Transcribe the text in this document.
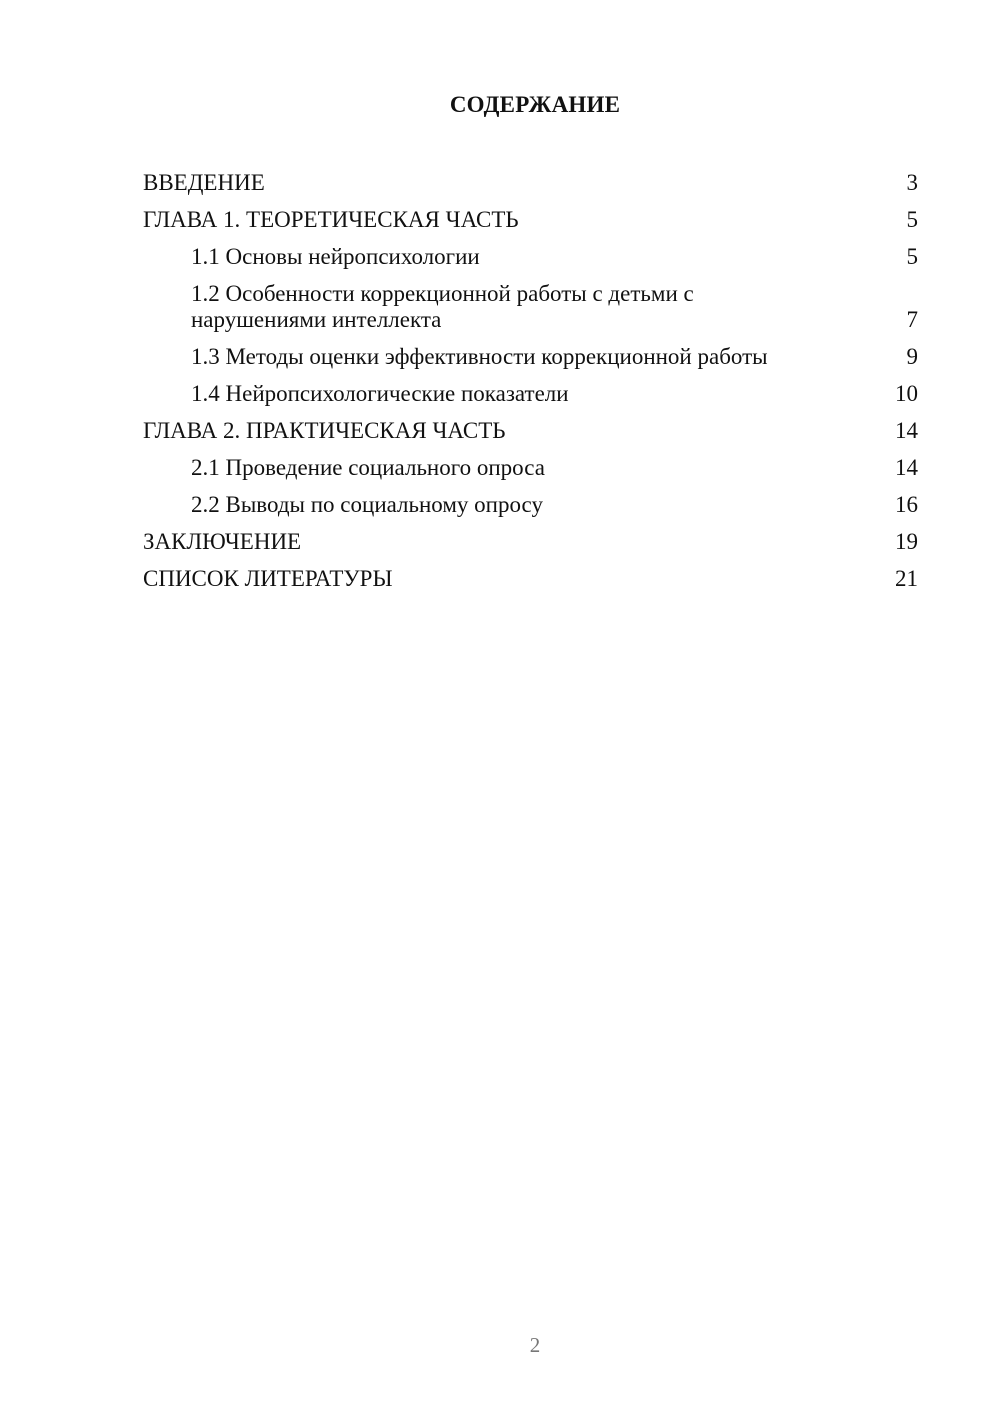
СОДЕРЖАНИЕ
ВВЕДЕНИЕ	3
ГЛАВА 1. ТЕОРЕТИЧЕСКАЯ ЧАСТЬ	5
1.1 Основы нейропсихологии	5
1.2 Особенности коррекционной работы с детьми с нарушениями интеллекта	7
1.3 Методы оценки эффективности коррекционной работы	9
1.4 Нейропсихологические показатели	10
ГЛАВА 2. ПРАКТИЧЕСКАЯ ЧАСТЬ	14
2.1 Проведение социального опроса	14
2.2 Выводы по социальному опросу	16
ЗАКЛЮЧЕНИЕ	19
СПИСОК ЛИТЕРАТУРЫ	21
2
